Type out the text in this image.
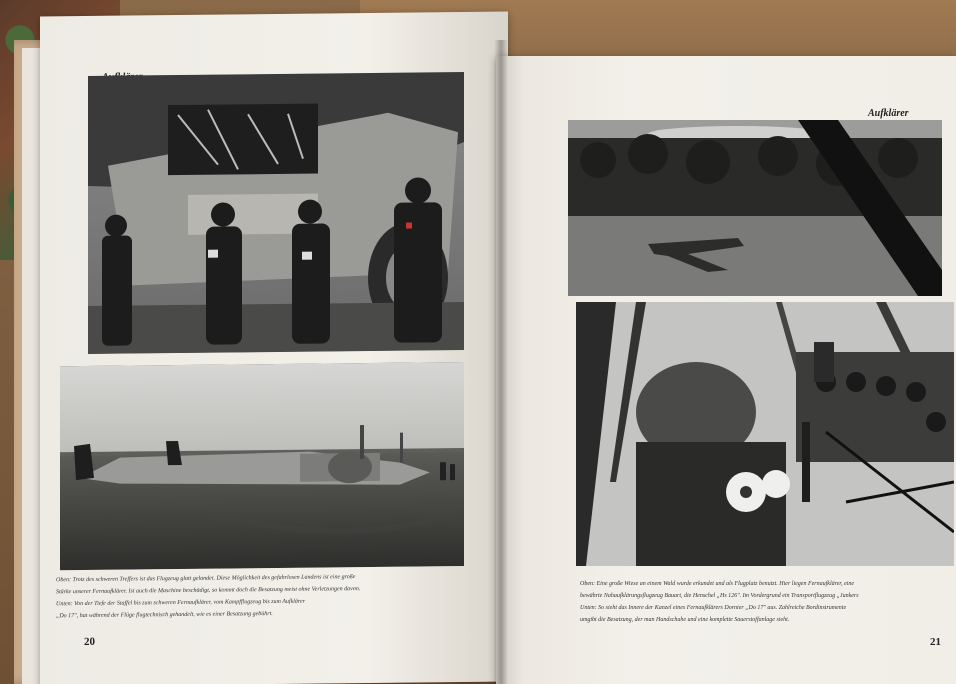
Oben: Trotz des schweren Treffers ist das Flugzeug glatt gelandet. Diese Möglichkeit des gefahrlosen Landens ist eine große
Stärke unserer Fernaufklärer. Ist auch die Maschine beschädigt, so kommt doch die Besatzung meist ohne Verletzungen davon.
Unten: Von der Tiefe der Staffel bis zum schweren Fernaufklärer, vom Kampfflugzeug bis zum Aufklärer
„Do 17", hat während der Flüge flugtechnisch gehandelt, wie es einer Besatzung gebührt.
20
Aufklärer
Oben: Eine große Wiese an einem Wald wurde erkundet und als Flugplatz benutzt. Hier liegen Fernaufklärer, eine
bewährte Nahaufklärungsflugzeug Bauart, die Henschel „Hs 126". Im Vordergrund ein Transportflugzeug „Junkers
Unten: So sieht das Innere der Kanzel eines Fernaufklärers Dornier „Do 17" aus. Zahlreiche Bordinstrumente
umgibt die Besatzung, der man Handschuhe und eine komplette Sauerstoffanlage sieht.
21
